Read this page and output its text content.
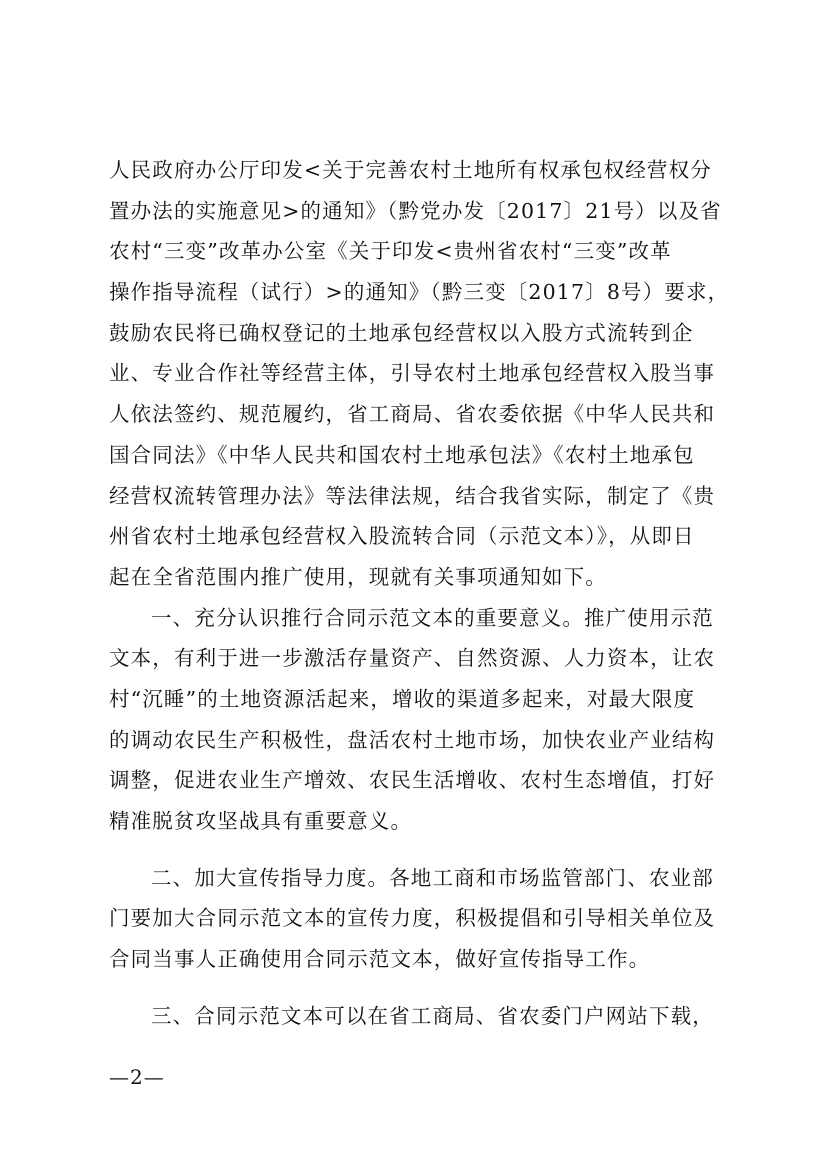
人民政府办公厅印发<关于完善农村土地所有权承包权经营权分
置办法的实施意见>的通知》（黔党办发〔2017〕21号）以及省
农村“三变”改革办公室《关于印发<贵州省农村“三变”改革
操作指导流程（试行）>的通知》（黔三变〔2017〕8号）要求，
鼓励农民将已确权登记的土地承包经营权以入股方式流转到企
业、专业合作社等经营主体，引导农村土地承包经营权入股当事
人依法签约、规范履约，省工商局、省农委依据《中华人民共和
国合同法》《中华人民共和国农村土地承包法》《农村土地承包
经营权流转管理办法》等法律法规，结合我省实际，制定了《贵
州省农村土地承包经营权入股流转合同（示范文本）》，从即日
起在全省范围内推广使用，现就有关事项通知如下。
一、充分认识推行合同示范文本的重要意义。推广使用示范
文本，有利于进一步激活存量资产、自然资源、人力资本，让农
村“沉睡”的土地资源活起来，增收的渠道多起来，对最大限度
的调动农民生产积极性，盘活农村土地市场，加快农业产业结构
调整，促进农业生产增效、农民生活增收、农村生态增值，打好
精准脱贫攻坚战具有重要意义。
二、加大宣传指导力度。各地工商和市场监管部门、农业部
门要加大合同示范文本的宣传力度，积极提倡和引导相关单位及
合同当事人正确使用合同示范文本，做好宣传指导工作。
三、合同示范文本可以在省工商局、省农委门户网站下载，
—2—
